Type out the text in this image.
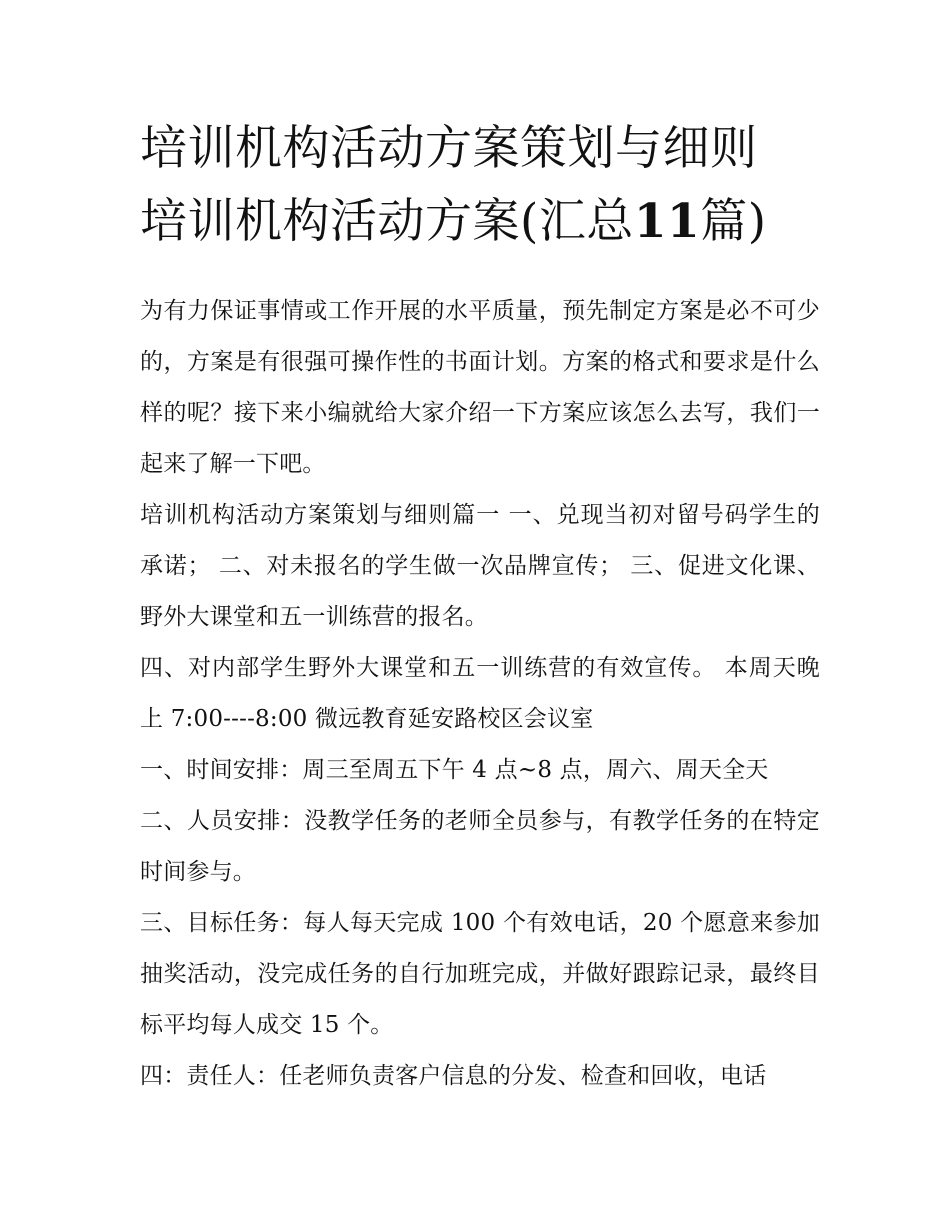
培训机构活动方案策划与细则
培训机构活动方案(汇总11篇)

为有力保证事情或工作开展的水平质量，预先制定方案是必不可少的，方案是有很强可操作性的书面计划。方案的格式和要求是什么样的呢？接下来小编就给大家介绍一下方案应该怎么去写，我们一起来了解一下吧。

培训机构活动方案策划与细则篇一 一、兑现当初对留号码学生的承诺； 二、对未报名的学生做一次品牌宣传； 三、促进文化课、野外大课堂和五一训练营的报名。

四、对内部学生野外大课堂和五一训练营的有效宣传。 本周天晚上 7:00----8:00 微远教育延安路校区会议室

一、时间安排：周三至周五下午 4 点~8 点，周六、周天全天

二、人员安排：没教学任务的老师全员参与，有教学任务的在特定时间参与。

三、目标任务：每人每天完成 100 个有效电话，20 个愿意来参加抽奖活动，没完成任务的自行加班完成，并做好跟踪记录，最终目标平均每人成交 15 个。

四：责任人：任老师负责客户信息的分发、检查和回收，电话
